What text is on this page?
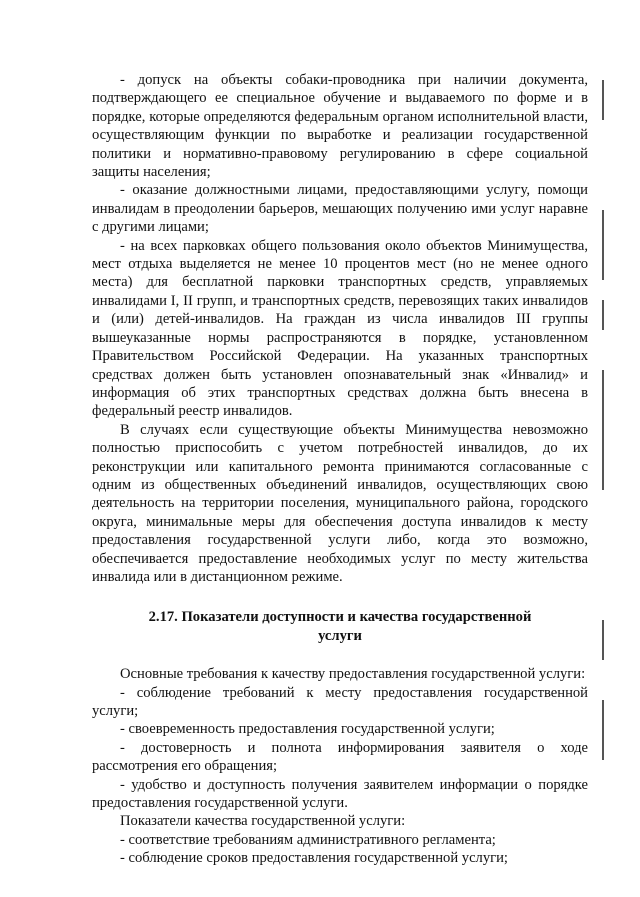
- допуск на объекты собаки-проводника при наличии документа, подтверждающего ее специальное обучение и выдаваемого по форме и в порядке, которые определяются федеральным органом исполнительной власти, осуществляющим функции по выработке и реализации государственной политики и нормативно-правовому регулированию в сфере социальной защиты населения;

- оказание должностными лицами, предоставляющими услугу, помощи инвалидам в преодолении барьеров, мешающих получению ими услуг наравне с другими лицами;

- на всех парковках общего пользования около объектов Минимущества, мест отдыха выделяется не менее 10 процентов мест (но не менее одного места) для бесплатной парковки транспортных средств, управляемых инвалидами I, II групп, и транспортных средств, перевозящих таких инвалидов и (или) детей-инвалидов. На граждан из числа инвалидов III группы вышеуказанные нормы распространяются в порядке, установленном Правительством Российской Федерации. На указанных транспортных средствах должен быть установлен опознавательный знак «Инвалид» и информация об этих транспортных средствах должна быть внесена в федеральный реестр инвалидов.

В случаях если существующие объекты Минимущества невозможно полностью приспособить с учетом потребностей инвалидов, до их реконструкции или капитального ремонта принимаются согласованные с одним из общественных объединений инвалидов, осуществляющих свою деятельность на территории поселения, муниципального района, городского округа, минимальные меры для обеспечения доступа инвалидов к месту предоставления государственной услуги либо, когда это возможно, обеспечивается предоставление необходимых услуг по месту жительства инвалида или в дистанционном режиме.

2.17. Показатели доступности и качества государственной услуги

Основные требования к качеству предоставления государственной услуги:

- соблюдение требований к месту предоставления государственной услуги;

- своевременность предоставления государственной услуги;

- достоверность и полнота информирования заявителя о ходе рассмотрения его обращения;

- удобство и доступность получения заявителем информации о порядке предоставления государственной услуги.

Показатели качества государственной услуги:

- соответствие требованиям административного регламента;

- соблюдение сроков предоставления государственной услуги;
